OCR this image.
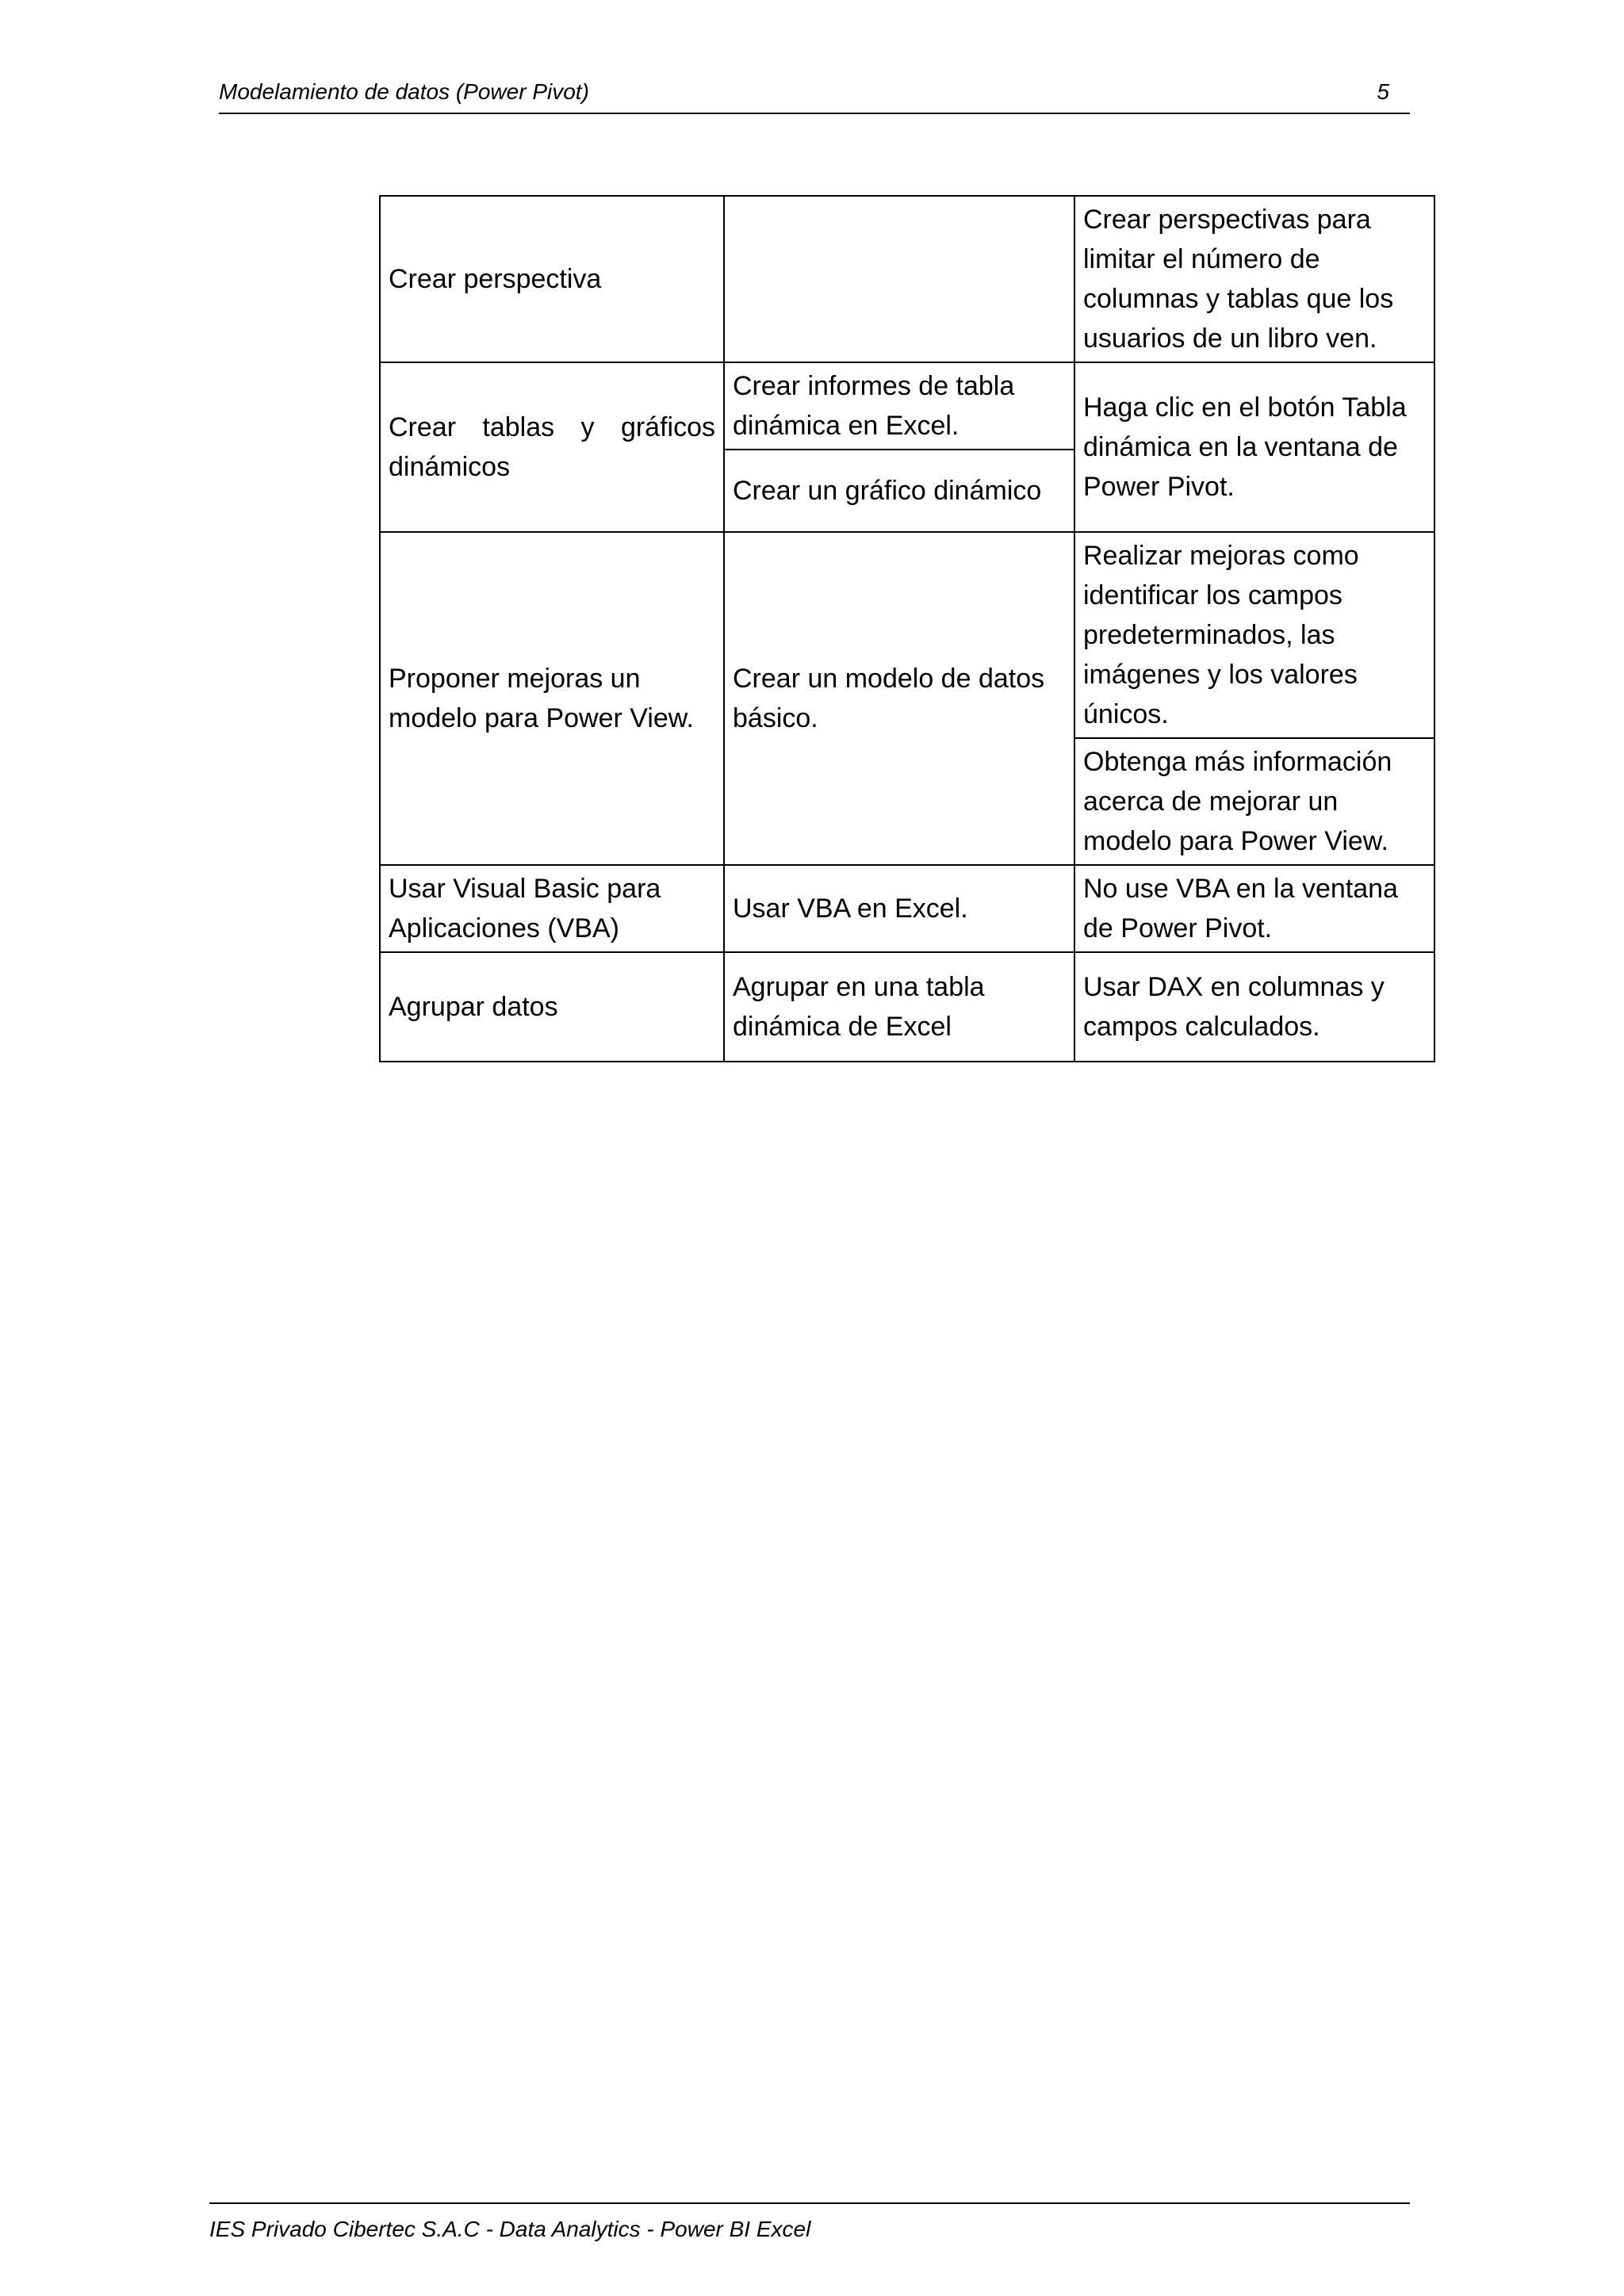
Modelamiento de datos (Power Pivot)	5
Crear perspectiva		Crear perspectivas para limitar el número de columnas y tablas que los usuarios de un libro ven.
Crear tablas y gráficos dinámicos	Crear informes de tabla dinámica en Excel.	Haga clic en el botón Tabla dinámica en la ventana de Power Pivot.
	Crear un gráfico dinámico	
Proponer mejoras un modelo para Power View.	Crear un modelo de datos básico.	Realizar mejoras como identificar los campos predeterminados, las imágenes y los valores únicos.
		Obtenga más información acerca de mejorar un modelo para Power View.
Usar Visual Basic para Aplicaciones (VBA)	Usar VBA en Excel.	No use VBA en la ventana de Power Pivot.
Agrupar datos	Agrupar en una tabla dinámica de Excel	Usar DAX en columnas y campos calculados.
IES Privado Cibertec S.A.C - Data Analytics - Power BI Excel
